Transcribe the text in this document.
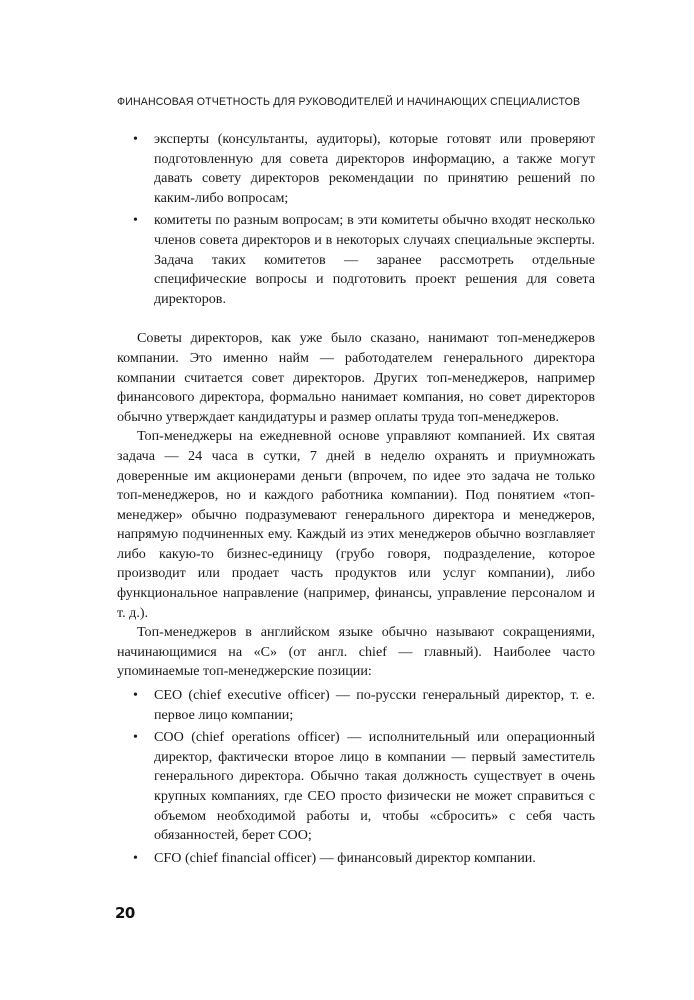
ФИНАНСОВАЯ ОТЧЕТНОСТЬ ДЛЯ РУКОВОДИТЕЛЕЙ И НАЧИНАЮЩИХ СПЕЦИАЛИСТОВ
• эксперты (консультанты, аудиторы), которые готовят или проверяют подготовленную для совета директоров информацию, а также могут давать совету директоров рекомендации по принятию решений по каким-либо вопросам;
• комитеты по разным вопросам; в эти комитеты обычно входят несколько членов совета директоров и в некоторых случаях специальные эксперты. Задача таких комитетов — заранее рассмотреть отдельные специфические вопросы и подготовить проект решения для совета директоров.

Советы директоров, как уже было сказано, нанимают топ-менеджеров компании. Это именно найм — работодателем генерального директора компании считается совет директоров. Других топ-менеджеров, например финансового директора, формально нанимает компания, но совет директоров обычно утверждает кандидатуры и размер оплаты труда топ-менеджеров.

Топ-менеджеры на ежедневной основе управляют компанией. Их святая задача — 24 часа в сутки, 7 дней в неделю охранять и приумножать доверенные им акционерами деньги (впрочем, по идее это задача не только топ-менеджеров, но и каждого работника компании). Под понятием «топ-менеджер» обычно подразумевают генерального директора и менеджеров, напрямую подчиненных ему. Каждый из этих менеджеров обычно возглавляет либо какую-то бизнес-единицу (грубо говоря, подразделение, которое производит или продает часть продуктов или услуг компании), либо функциональное направление (например, финансы, управление персоналом и т. д.).

Топ-менеджеров в английском языке обычно называют сокращениями, начинающимися на «C» (от англ. chief — главный). Наиболее часто упоминаемые топ-менеджерские позиции:

• CEO (chief executive officer) — по-русски генеральный директор, т. е. первое лицо компании;
• COO (chief operations officer) — исполнительный или операционный директор, фактически второе лицо в компании — первый заместитель генерального директора. Обычно такая должность существует в очень крупных компаниях, где CEO просто физически не может справиться с объемом необходимой работы и, чтобы «сбросить» с себя часть обязанностей, берет COO;
• CFO (chief financial officer) — финансовый директор компании.
20
